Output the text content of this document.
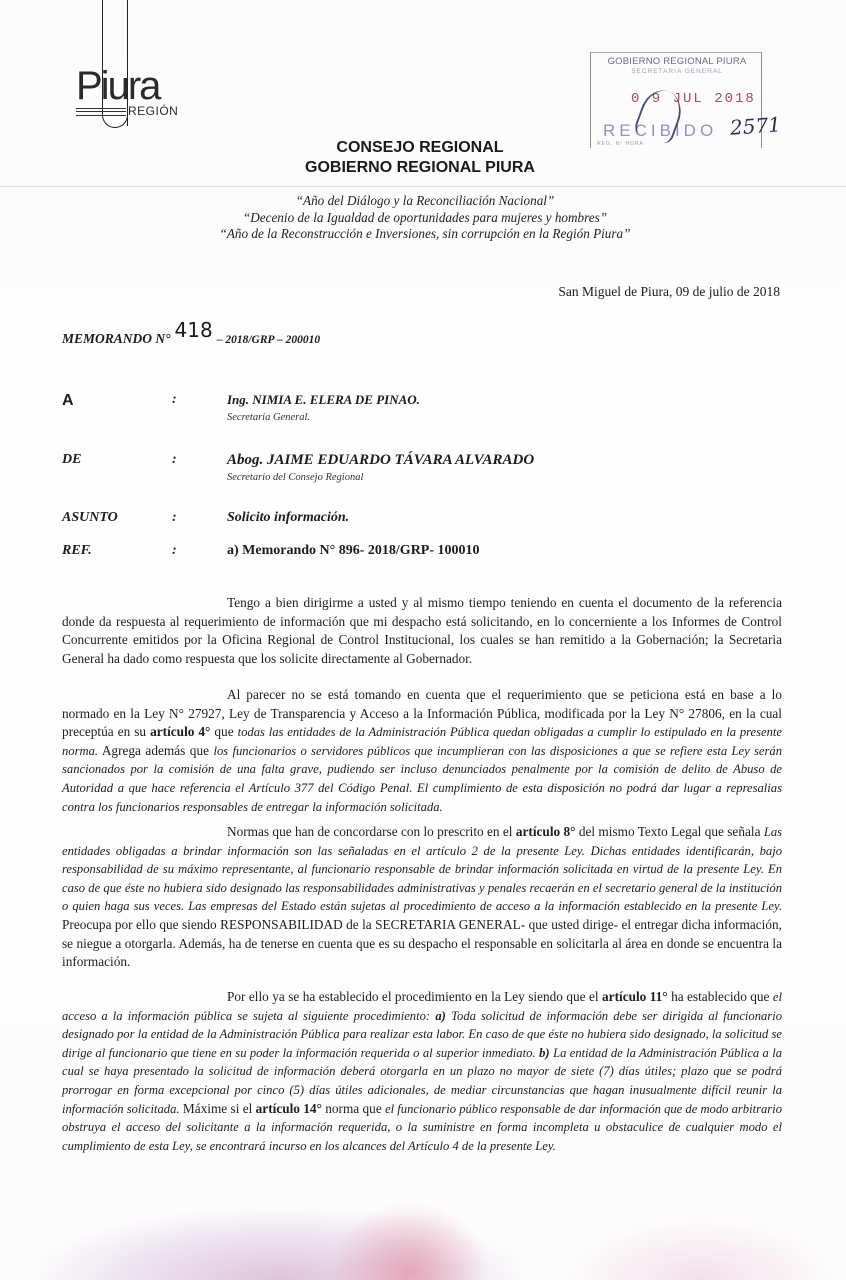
Piura
REGIÓN
GOBIERNO REGIONAL PIURA
SECRETARIA GENERAL
0 9 JUL 2018
RECIBIDO
REG. Nº HORA
2571
CONSEJO REGIONAL
GOBIERNO REGIONAL PIURA
“Año del Diálogo y la Reconciliación Nacional”
“Decenio de la Igualdad de oportunidades para mujeres y hombres”
“Año de la Reconstrucción e Inversiones, sin corrupción en la Región Piura”
San Miguel de Piura, 09 de julio de 2018
MEMORANDO N° 418 – 2018/GRP – 200010
A	:	Ing. NIMIA E. ELERA DE PINAO.
Secretaria General.
DE	:	Abog. JAIME EDUARDO TÁVARA ALVARADO
Secretario del Consejo Regional
ASUNTO	:	Solicito información.
REF.	:	a) Memorando N° 896- 2018/GRP- 100010
Tengo a bien dirigirme a usted y al mismo tiempo teniendo en cuenta el documento de la referencia donde da respuesta al requerimiento de información que mi despacho está solicitando, en lo concerniente a los Informes de Control Concurrente emitidos por la Oficina Regional de Control Institucional, los cuales se han remitido a la Gobernación; la Secretaria General ha dado como respuesta que los solicite directamente al Gobernador.
Al parecer no se está tomando en cuenta que el requerimiento que se peticiona está en base a lo normado en la Ley N° 27927, Ley de Transparencia y Acceso a la Información Pública, modificada por la Ley N° 27806, en la cual preceptúa en su artículo 4° que todas las entidades de la Administración Pública quedan obligadas a cumplir lo estipulado en la presente norma. Agrega además que los funcionarios o servidores públicos que incumplieran con las disposiciones a que se refiere esta Ley serán sancionados por la comisión de una falta grave, pudiendo ser incluso denunciados penalmente por la comisión de delito de Abuso de Autoridad a que hace referencia el Artículo 377 del Código Penal. El cumplimiento de esta disposición no podrá dar lugar a represalias contra los funcionarios responsables de entregar la información solicitada.
Normas que han de concordarse con lo prescrito en el artículo 8° del mismo Texto Legal que señala Las entidades obligadas a brindar información son las señaladas en el artículo 2 de la presente Ley. Dichas entidades identificarán, bajo responsabilidad de su máximo representante, al funcionario responsable de brindar información solicitada en virtud de la presente Ley. En caso de que éste no hubiera sido designado las responsabilidades administrativas y penales recaerán en el secretario general de la institución o quien haga sus veces. Las empresas del Estado están sujetas al procedimiento de acceso a la información establecido en la presente Ley. Preocupa por ello que siendo RESPONSABILIDAD de la SECRETARIA GENERAL- que usted dirige- el entregar dicha información, se niegue a otorgarla. Además, ha de tenerse en cuenta que es su despacho el responsable en solicitarla al área en donde se encuentra la información.
Por ello ya se ha establecido el procedimiento en la Ley siendo que el artículo 11° ha establecido que el acceso a la información pública se sujeta al siguiente procedimiento: a) Toda solicitud de información debe ser dirigida al funcionario designado por la entidad de la Administración Pública para realizar esta labor. En caso de que éste no hubiera sido designado, la solicitud se dirige al funcionario que tiene en su poder la información requerida o al superior inmediato. b) La entidad de la Administración Pública a la cual se haya presentado la solicitud de información deberá otorgarla en un plazo no mayor de siete (7) días útiles; plazo que se podrá prorrogar en forma excepcional por cinco (5) días útiles adicionales, de mediar circunstancias que hagan inusualmente difícil reunir la información solicitada. Máxime si el artículo 14° norma que el funcionario público responsable de dar información que de modo arbitrario obstruya el acceso del solicitante a la información requerida, o la suministre en forma incompleta u obstaculice de cualquier modo el cumplimiento de esta Ley, se encontrará incurso en los alcances del Artículo 4 de la presente Ley.
